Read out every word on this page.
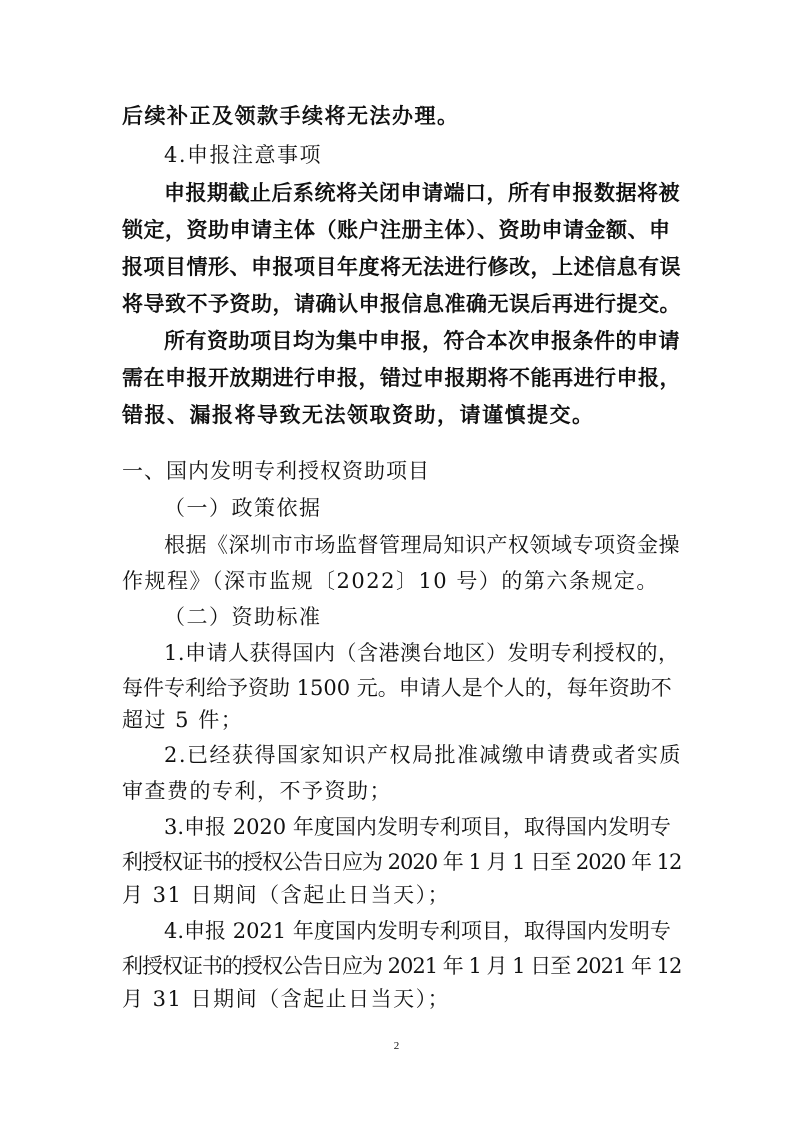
后续补正及领款手续将无法办理。
4.申报注意事项
申报期截止后系统将关闭申请端口，所有申报数据将被
锁定，资助申请主体（账户注册主体）、资助申请金额、申
报项目情形、申报项目年度将无法进行修改，上述信息有误
将导致不予资助，请确认申报信息准确无误后再进行提交。
所有资助项目均为集中申报，符合本次申报条件的申请
需在申报开放期进行申报，错过申报期将不能再进行申报，
错报、漏报将导致无法领取资助，请谨慎提交。
一、国内发明专利授权资助项目
（一）政策依据
根据《深圳市市场监督管理局知识产权领域专项资金操
作规程》（深市监规〔2022〕10 号）的第六条规定。
（二）资助标准
1.申请人获得国内（含港澳台地区）发明专利授权的，
每件专利给予资助 1500 元。申请人是个人的，每年资助不
超过 5 件；
2.已经获得国家知识产权局批准减缴申请费或者实质
审查费的专利，不予资助；
3.申报 2020 年度国内发明专利项目，取得国内发明专
利授权证书的授权公告日应为 2020 年 1 月 1 日至 2020 年 12
月 31 日期间（含起止日当天）；
4.申报 2021 年度国内发明专利项目，取得国内发明专
利授权证书的授权公告日应为 2021 年 1 月 1 日至 2021 年 12
月 31 日期间（含起止日当天）；
2
